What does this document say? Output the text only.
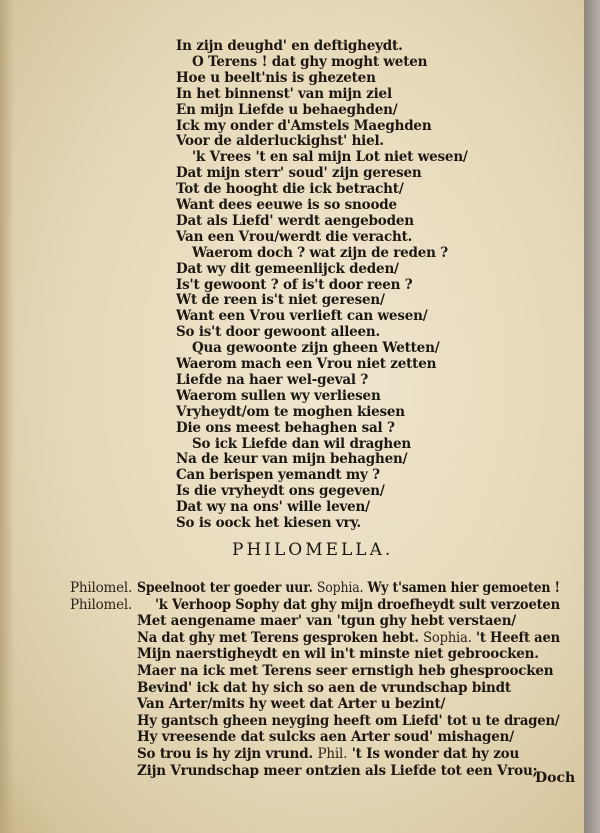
In zijn deughd' en deftigheydt.
O Terens ! dat ghy moght weten
Hoe u beelt'nis is ghezeten
In het binnenst' van mijn ziel
En mijn Liefde u behaeghden/
Ick my onder d'Amstels Maeghden
Voor de alderluckighst' hiel.
'k Vrees 't en sal mijn Lot niet wesen/
Dat mijn sterr' soud' zijn geresen
Tot de hooght die ick betracht/
Want dees eeuwe is so snoode
Dat als Liefd' werdt aengeboden
Van een Vrou/werdt die veracht.
Waerom doch ? wat zijn de reden ?
Dat wy dit gemeenlijck deden/
Is't gewoont ? of is't door reen ?
Wt de reen is't niet geresen/
Want een Vrou verlieft can wesen/
So is't door gewoont alleen.
Qua gewoonte zijn gheen Wetten/
Waerom mach een Vrou niet zetten
Liefde na haer wel-geval ?
Waerom sullen wy verliesen
Vryheydt/om te moghen kiesen
Die ons meest behaghen sal ?
So ick Liefde dan wil draghen
Na de keur van mijn behaghen/
Can berispen yemandt my ?
Is die vryheydt ons gegeven/
Dat wy na ons' wille leven/
So is oock het kiesen vry.
PHILOMELLA.
Philomel. Speelnoot ter goeder uur. Sophia. Wy t'samen hier gemoeten !
Philomel. 'k Verhoop Sophy dat ghy mijn droefheydt sult verzoeten
Met aengename maer' van 'tgun ghy hebt verstaen/
Na dat ghy met Terens gesproken hebt. Sophia. 't Heeft aen
Mijn naerstigheydt en wil in't minste niet gebroocken.
Maer na ick met Terens seer ernstigh heb ghesproocken
Bevind' ick dat hy sich so aen de vrundschap bindt
Van Arter/mits hy weet dat Arter u bezint/
Hy gantsch gheen neyging heeft om Liefd' tot u te dragen/
Hy vreesende dat sulcks aen Arter soud' mishagen/
So trou is hy zijn vrund. Phil. 't Is wonder dat hy zou
Zijn Vrundschap meer ontzien als Liefde tot een Vrou;
Doch
